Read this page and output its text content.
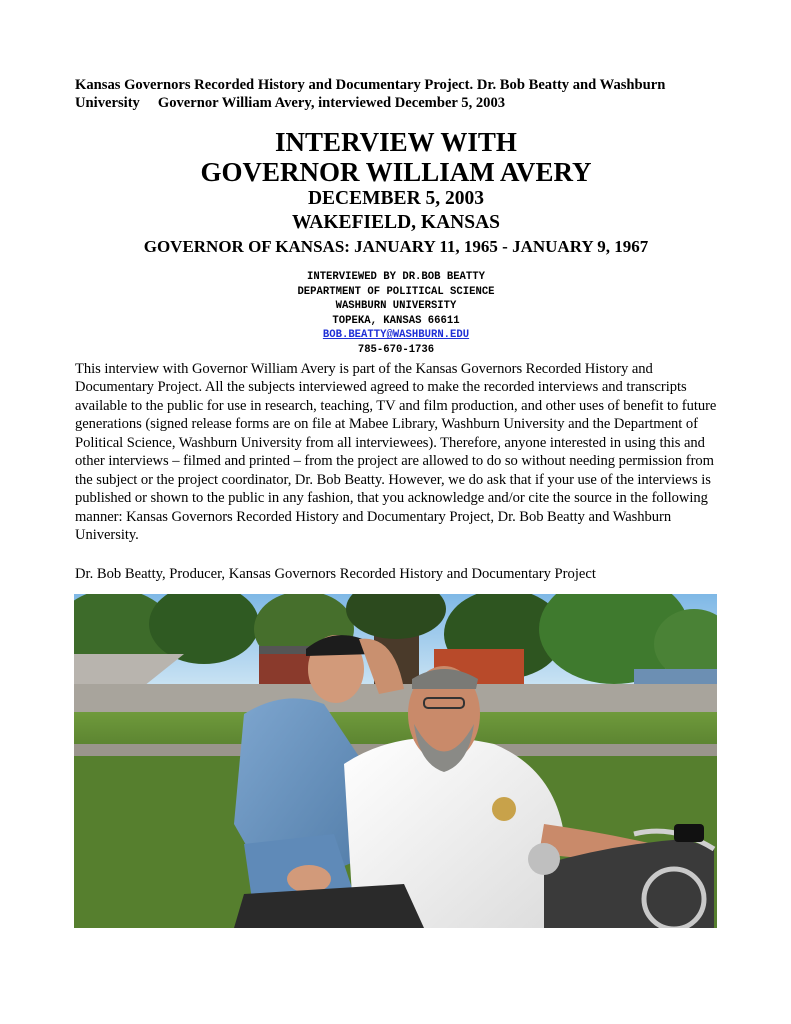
Kansas Governors Recorded History and Documentary Project. Dr. Bob Beatty and Washburn
University Governor William Avery, interviewed December 5, 2003

INTERVIEW WITH
GOVERNOR WILLIAM AVERY
DECEMBER 5, 2003
WAKEFIELD, KANSAS
GOVERNOR OF KANSAS: JANUARY 11, 1965 - JANUARY 9, 1967
INTERVIEWED BY DR.BOB BEATTY
DEPARTMENT OF POLITICAL SCIENCE
WASHBURN UNIVERSITY
TOPEKA, KANSAS 66611
BOB.BEATTY@WASHBURN.EDU
785-670-1736

This interview with Governor William Avery is part of the Kansas Governors Recorded History and Documentary Project. All the subjects interviewed agreed to make the recorded interviews and transcripts available to the public for use in research, teaching, TV and film production, and other uses of benefit to future generations (signed release forms are on file at Mabee Library, Washburn University and the Department of Political Science, Washburn University from all interviewees). Therefore, anyone interested in using this and other interviews – filmed and printed – from the project are allowed to do so without needing permission from the subject or the project coordinator, Dr. Bob Beatty. However, we do ask that if your use of the interviews is published or shown to the public in any fashion, that you acknowledge and/or cite the source in the following manner: Kansas Governors Recorded History and Documentary Project, Dr. Bob Beatty and Washburn University.

Dr. Bob Beatty, Producer, Kansas Governors Recorded History and Documentary Project
